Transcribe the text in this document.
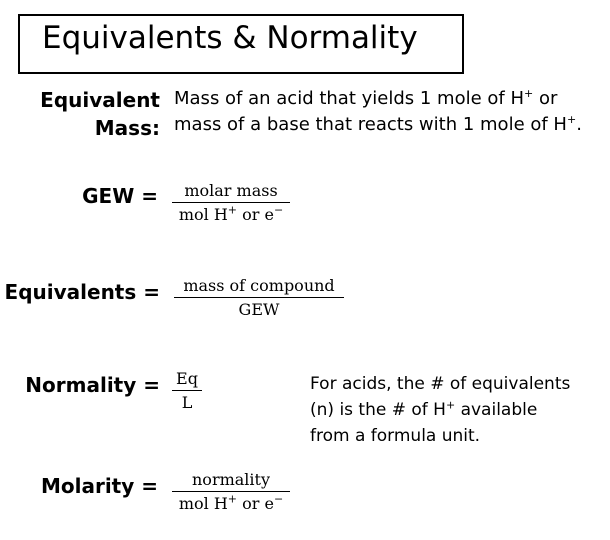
Equivalents & Normality
Equivalent
Mass:
Mass of an acid that yields 1 mole of H+ or
mass of a base that reacts with 1 mole of H+.
GEW =	molar mass
mol H+ or e−
Equivalents =	mass of compound
GEW
Normality = Eq
L
For acids, the # of equivalents
(n) is the # of H+ available
from a formula unit.
Molarity =	normality
mol H+ or e−
